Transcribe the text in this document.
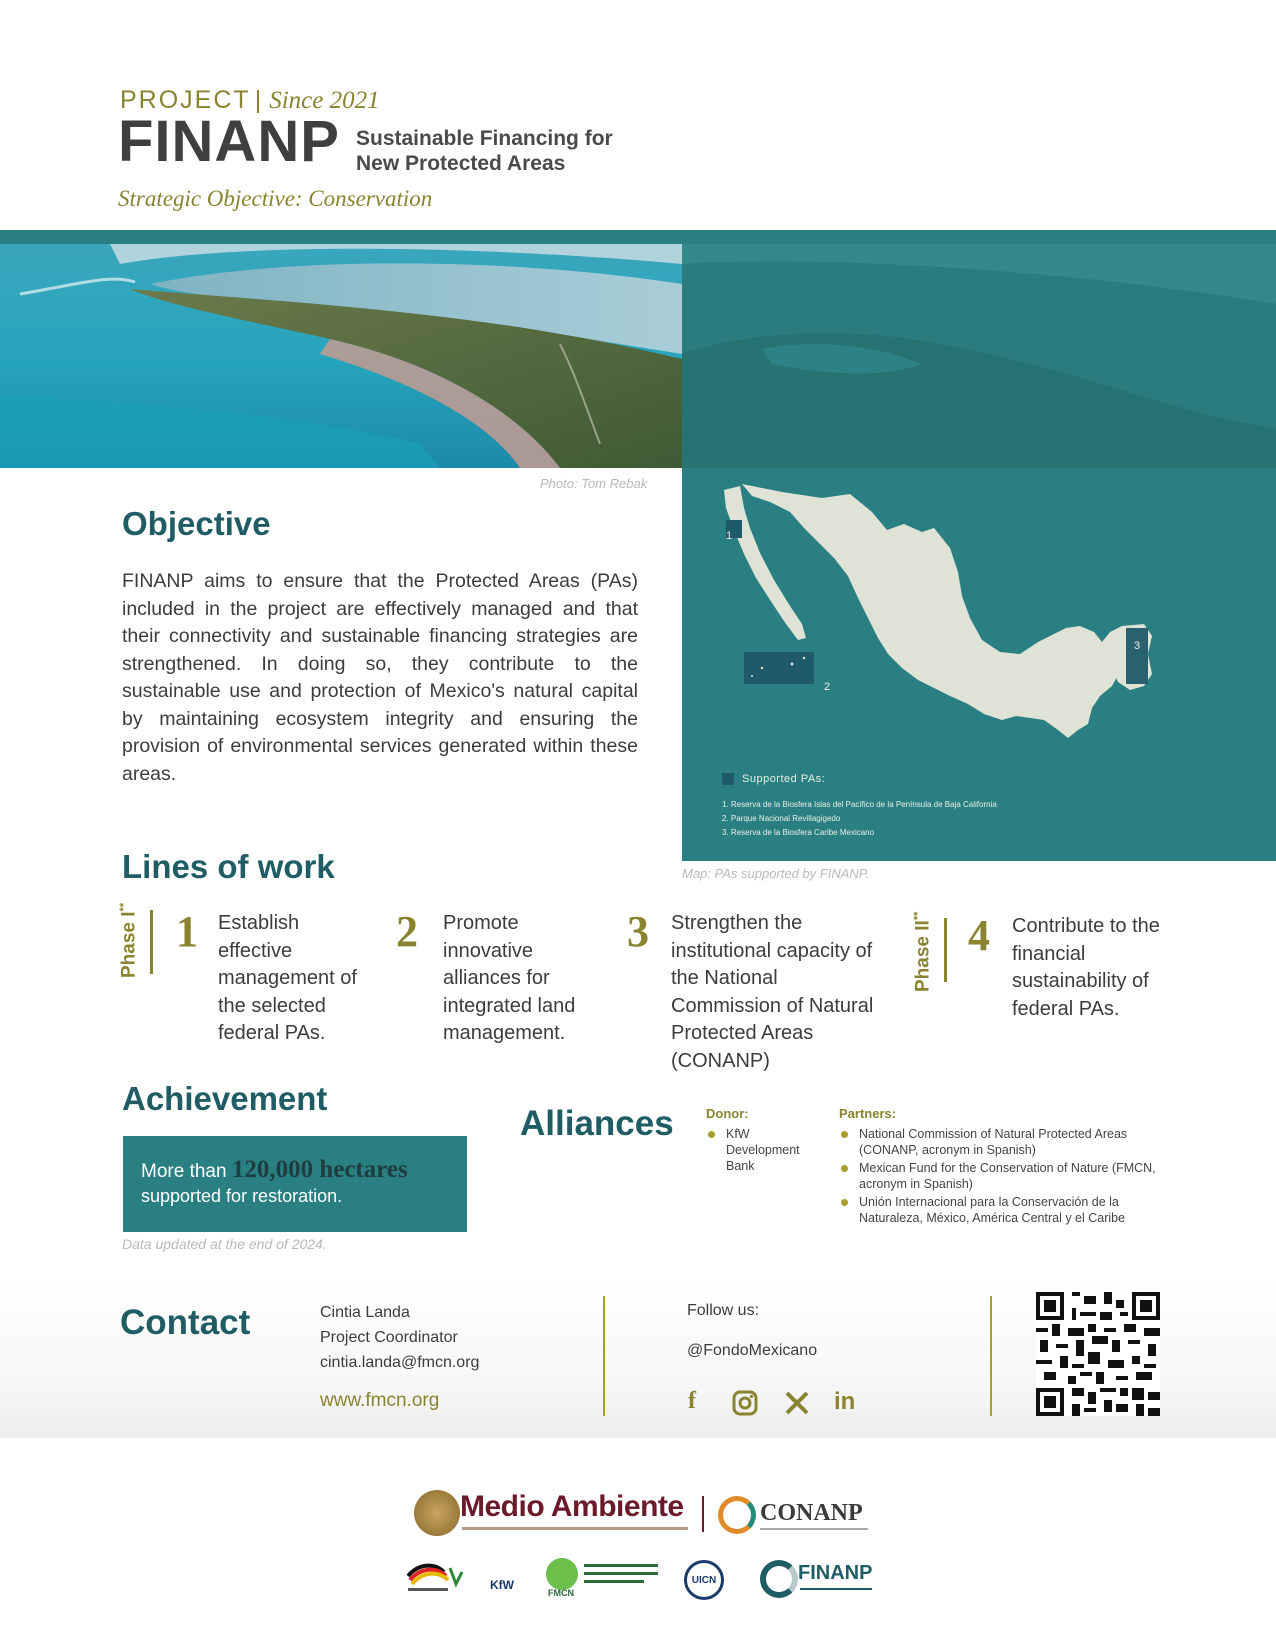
PROJECT | Since 2021
FINANP Sustainable Financing for
New Protected Areas
Strategic Objective: Conservation
Photo: Tom Rebak
1
2
3
Supported PAs:
1. Reserva de la Biosfera Islas del Pacífico de la Península de Baja California
2. Parque Nacional Revillagigedo
3. Reserva de la Biosfera Caribe Mexicano
Map: PAs supported by FINANP.
Objective
FINANP aims to ensure that the Protected Areas (PAs) included in the project are effectively managed and that their connectivity and sustainable financing strategies are strengthened. In doing so, they contribute to the sustainable use and protection of Mexico's natural capital by maintaining ecosystem integrity and ensuring the provision of environmental services generated within these areas.
Lines of work
Phase I** 1 Establish effective management of the selected federal PAs.
2 Promote innovative alliances for integrated land management.
3 Strengthen the institutional capacity of the National Commission of Natural Protected Areas (CONANP)
Phase II** 4 Contribute to the financial sustainability of federal PAs.
Achievement
More than 120,000 hectares
supported for restoration.
Data updated at the end of 2024.
Alliances Donor:
KfW Development Bank
Partners:
National Commission of Natural Protected Areas (CONANP, acronym in Spanish)
Mexican Fund for the Conservation of Nature (FMCN, acronym in Spanish)
Unión Internacional para la Conservación de la Naturaleza, México, América Central y el Caribe
Contact	Cintia Landa
Project Coordinator
cintia.landa@fmcn.org
www.fmcn.org
Follow us:
@FondoMexicano
f	in
Medio Ambiente	CONANP
KfW
FMCN
UICN	FINANP
